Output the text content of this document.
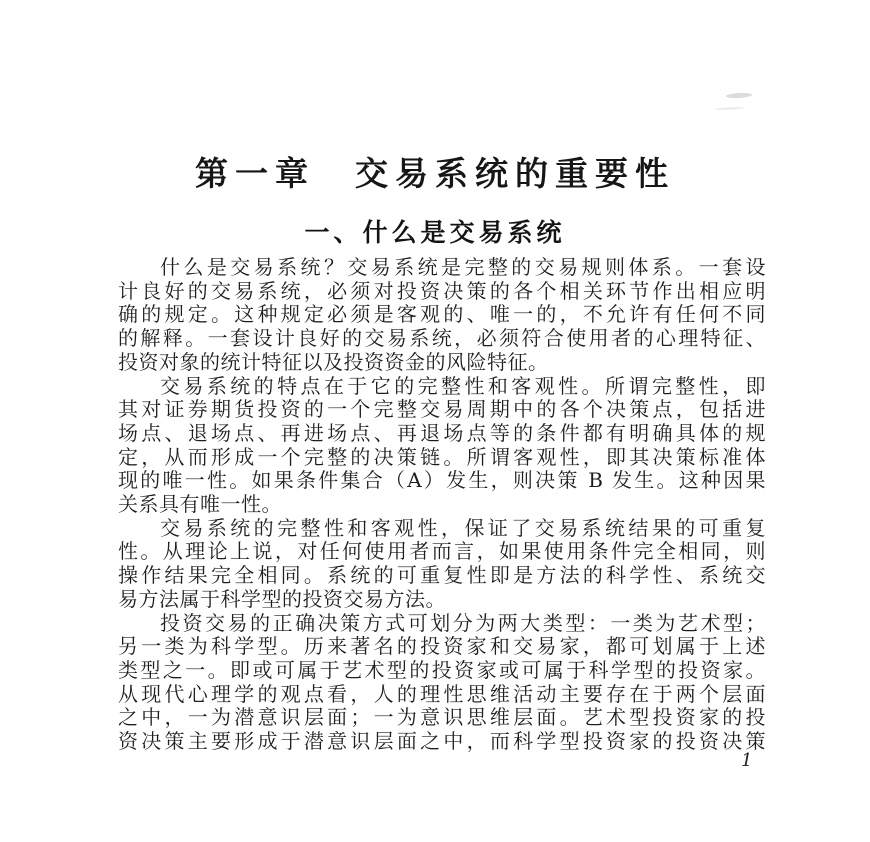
第一章　交易系统的重要性
一、什么是交易系统
什么是交易系统？交易系统是完整的交易规则体系。一套设
计良好的交易系统，必须对投资决策的各个相关环节作出相应明
确的规定。这种规定必须是客观的、唯一的，不允许有任何不同
的解释。一套设计良好的交易系统，必须符合使用者的心理特征、
投资对象的统计特征以及投资资金的风险特征。
交易系统的特点在于它的完整性和客观性。所谓完整性，即
其对证券期货投资的一个完整交易周期中的各个决策点，包括进
场点、退场点、再进场点、再退场点等的条件都有明确具体的规
定，从而形成一个完整的决策链。所谓客观性，即其决策标准体
现的唯一性。如果条件集合（A）发生，则决策 B 发生。这种因果
关系具有唯一性。
交易系统的完整性和客观性，保证了交易系统结果的可重复
性。从理论上说，对任何使用者而言，如果使用条件完全相同，则
操作结果完全相同。系统的可重复性即是方法的科学性、系统交
易方法属于科学型的投资交易方法。
投资交易的正确决策方式可划分为两大类型：一类为艺术型；
另一类为科学型。历来著名的投资家和交易家，都可划属于上述
类型之一。即或可属于艺术型的投资家或可属于科学型的投资家。
从现代心理学的观点看，人的理性思维活动主要存在于两个层面
之中，一为潜意识层面；一为意识思维层面。艺术型投资家的投
资决策主要形成于潜意识层面之中，而科学型投资家的投资决策
1
